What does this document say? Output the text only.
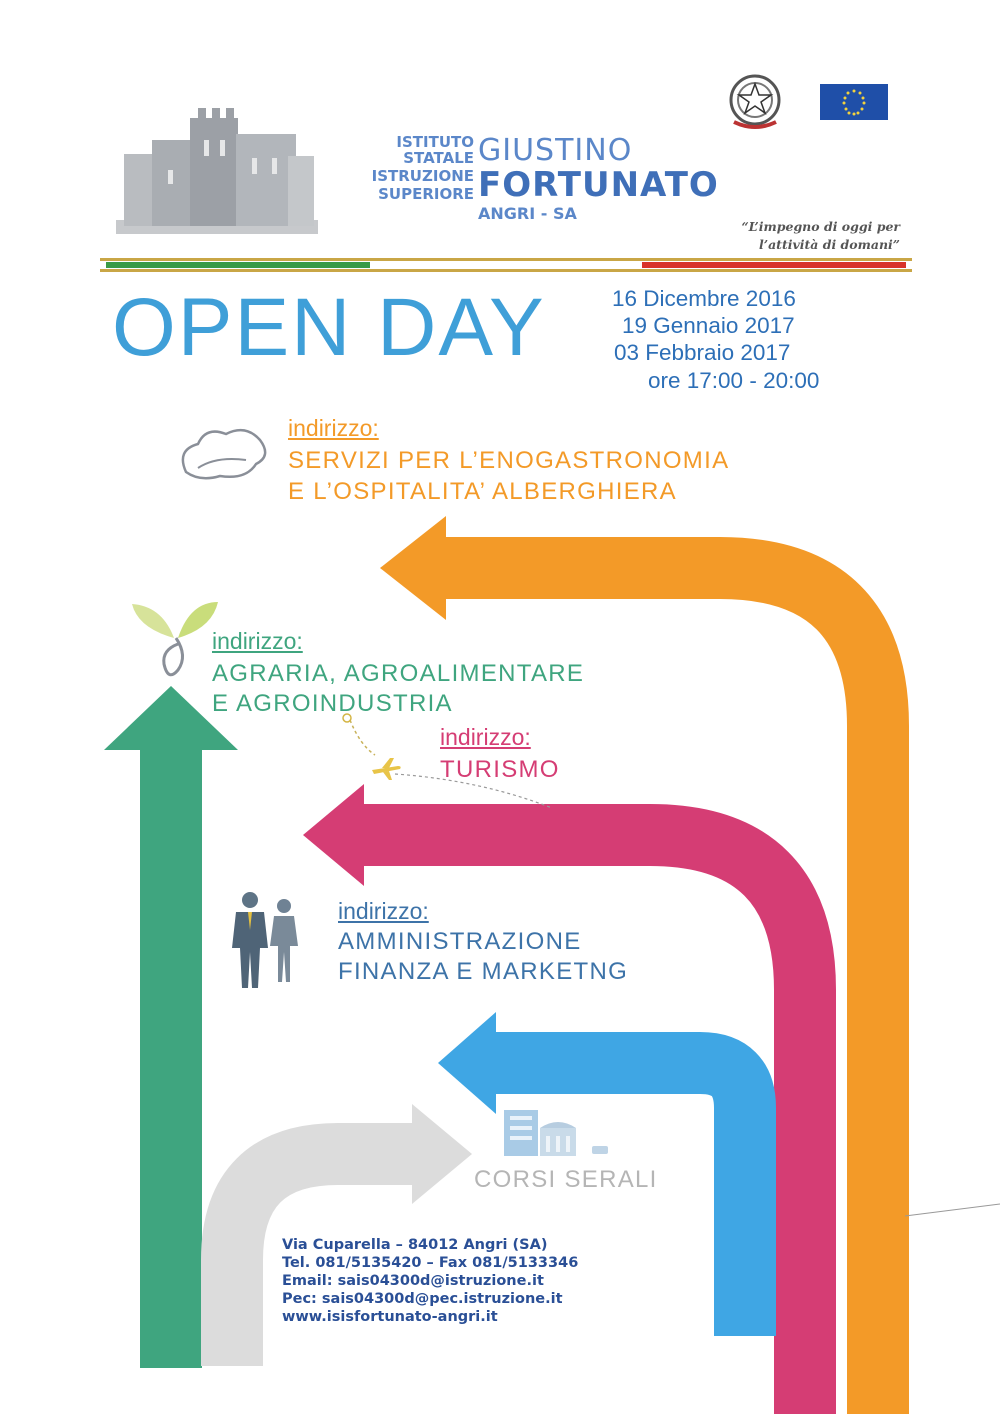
ISTITUTO
STATALE
ISTRUZIONE
SUPERIORE
GIUSTINO
FORTUNATO
ANGRI - SA
“L’impegno di oggi per
l’attività di domani”
OPEN DAY	16 Dicembre 2016
19 Gennaio 2017
03 Febbraio 2017
ore 17:00 - 20:00
indirizzo:
SERVIZI PER L’ENOGASTRONOMIA
E L’OSPITALITA’ ALBERGHIERA
indirizzo:
AGRARIA, AGROALIMENTARE
E AGROINDUSTRIA
indirizzo:
TURISMO
indirizzo:
AMMINISTRAZIONE
FINANZA E MARKETNG
CORSI SERALI
Via Cuparella – 84012 Angri (SA)
Tel. 081/5135420 – Fax 081/5133346
Email: sais04300d@istruzione.it
Pec: sais04300d@pec.istruzione.it
www.isisfortunato-angri.it
